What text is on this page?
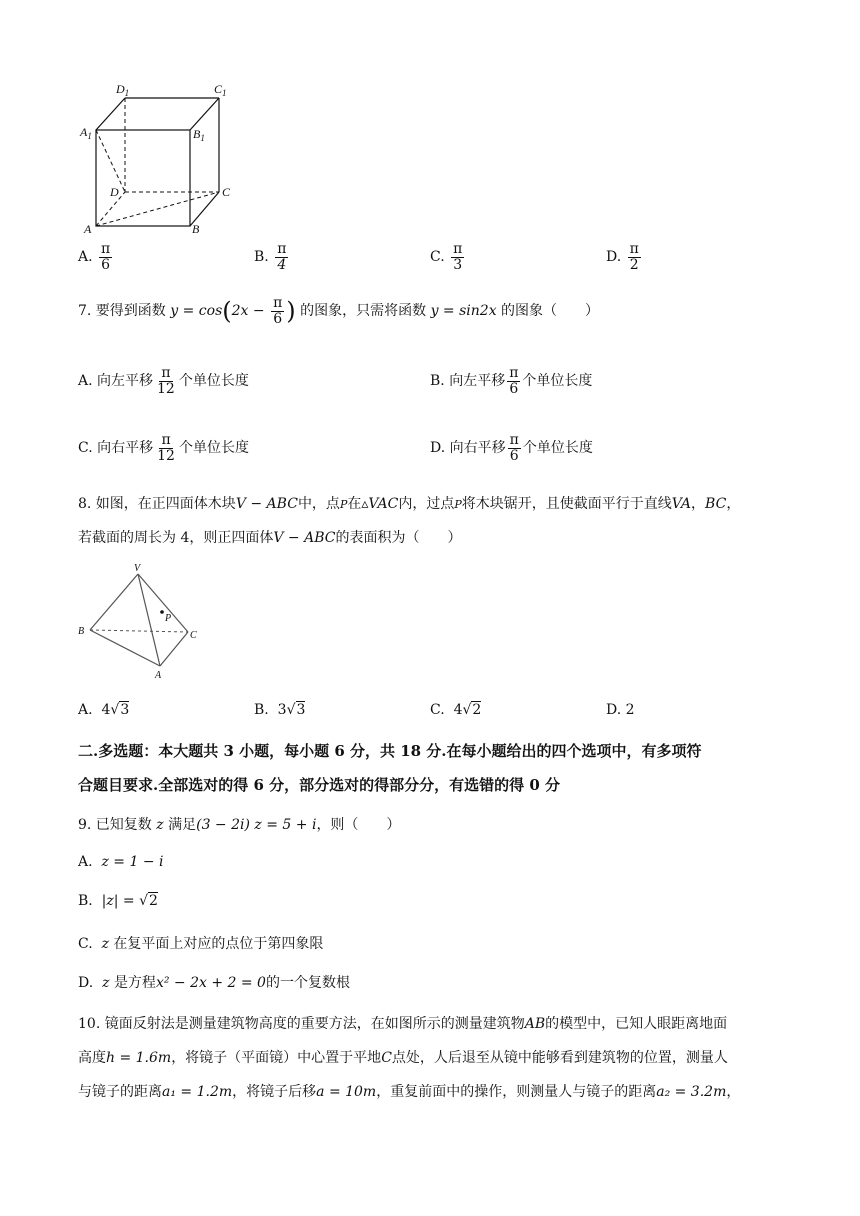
$D_1$	$C_1$
$A_1$	$B_1$
D	C
A	B
A. $\frac{\pi}{6}$	B. $\frac{\pi}{4}$	C. $\frac{\pi}{3}$	D. $\frac{\pi}{2}$
7. 要得到函数 $y = \cos(2x - \frac{\pi}{6}$ ) 的图象，只需将函数 y = sin2x 的图象（　　）
A. 向左平移 $\frac{\pi}{12}$ 个单位长度	B. 向左平移 $\frac{\pi}{6}$ 个单位长度
C. 向右平移 $\frac{\pi}{12}$ 个单位长度	D. 向右平移 $\frac{\pi}{6}$ 个单位长度
8. 如图，在正四面体木块V − ABC中，点P在▵VAC内，过点P将木块锯开，且使截面平行于直线VA，BC，
若截面的周长为 4，则正四面体V − ABC的表面积为（　　）
V
B	C
A
P
A. 4√3	B. 3√3	C. 4√2	D. 2
二.多选题：本大题共 3 小题，每小题 6 分，共 18 分.在每小题给出的四个选项中，有多项符
合题目要求.全部选对的得 6 分，部分选对的得部分分，有选错的得 0 分
9. 已知复数 z 满足(3 − 2i) z = 5 + i，则（　　）
A. z = 1 − i
B. |z| = √2
C. z 在复平面上对应的点位于第四象限
D. z 是方程x² − 2x + 2 = 0的一个复数根
10. 镜面反射法是测量建筑物高度的重要方法，在如图所示的测量建筑物AB的模型中，已知人眼距离地面
高度h = 1.6m，将镜子（平面镜）中心置于平地C点处，人后退至从镜中能够看到建筑物的位置，测量人
与镜子的距离a₁ = 1.2m，将镜子后移a = 10m，重复前面中的操作，则测量人与镜子的距离a₂ = 3.2m，
